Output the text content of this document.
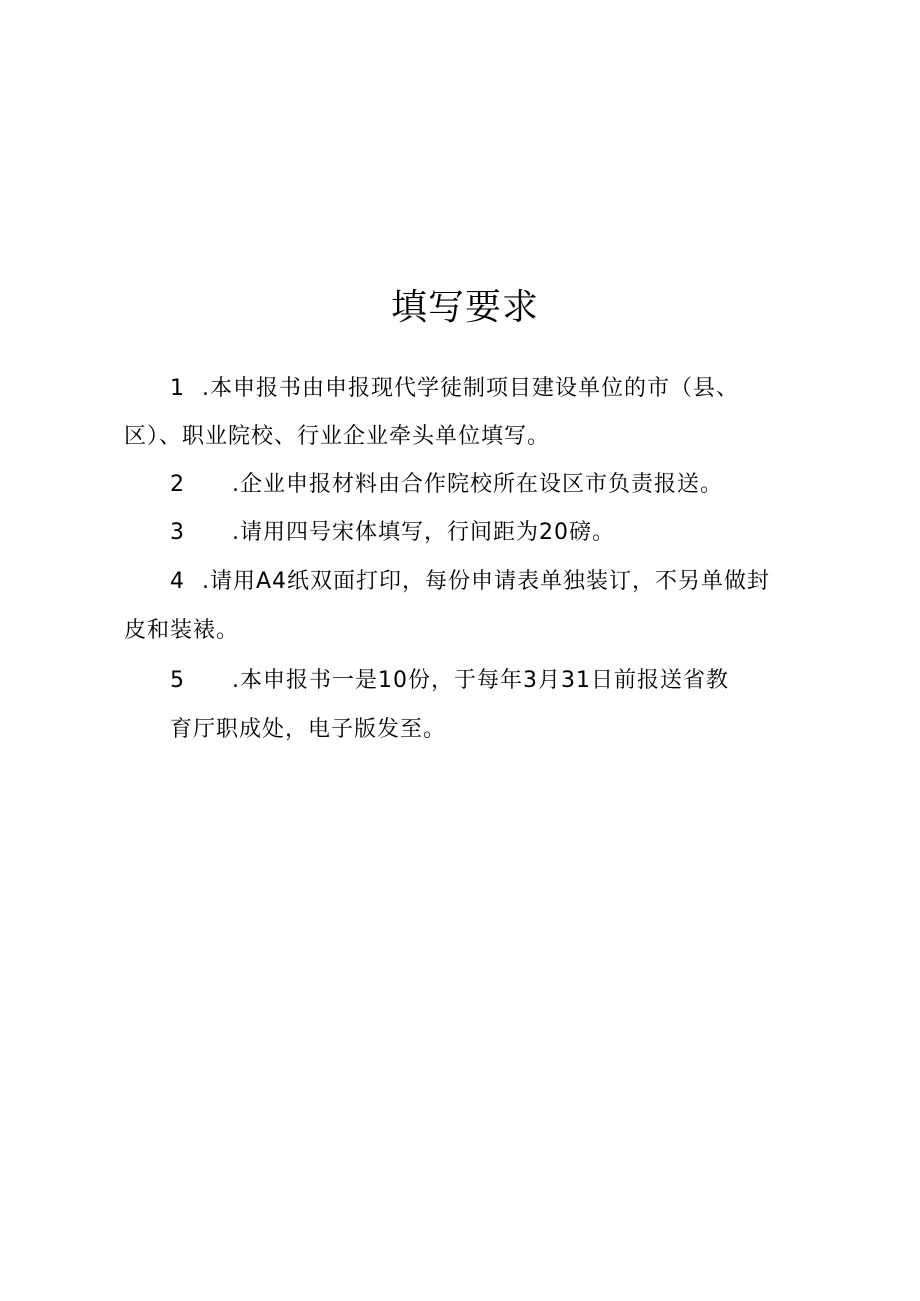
填写要求
1 .本申报书由申报现代学徒制项目建设单位的市（县、
区）、职业院校、行业企业牵头单位填写。
2 .企业申报材料由合作院校所在设区市负责报送。
3 .请用四号宋体填写，行间距为20磅。
4 .请用A4纸双面打印，每份申请表单独装订，不另单做封
皮和装裱。
5 .本申报书一是10份，于每年3月31日前报送省教
育厅职成处，电子版发至。
